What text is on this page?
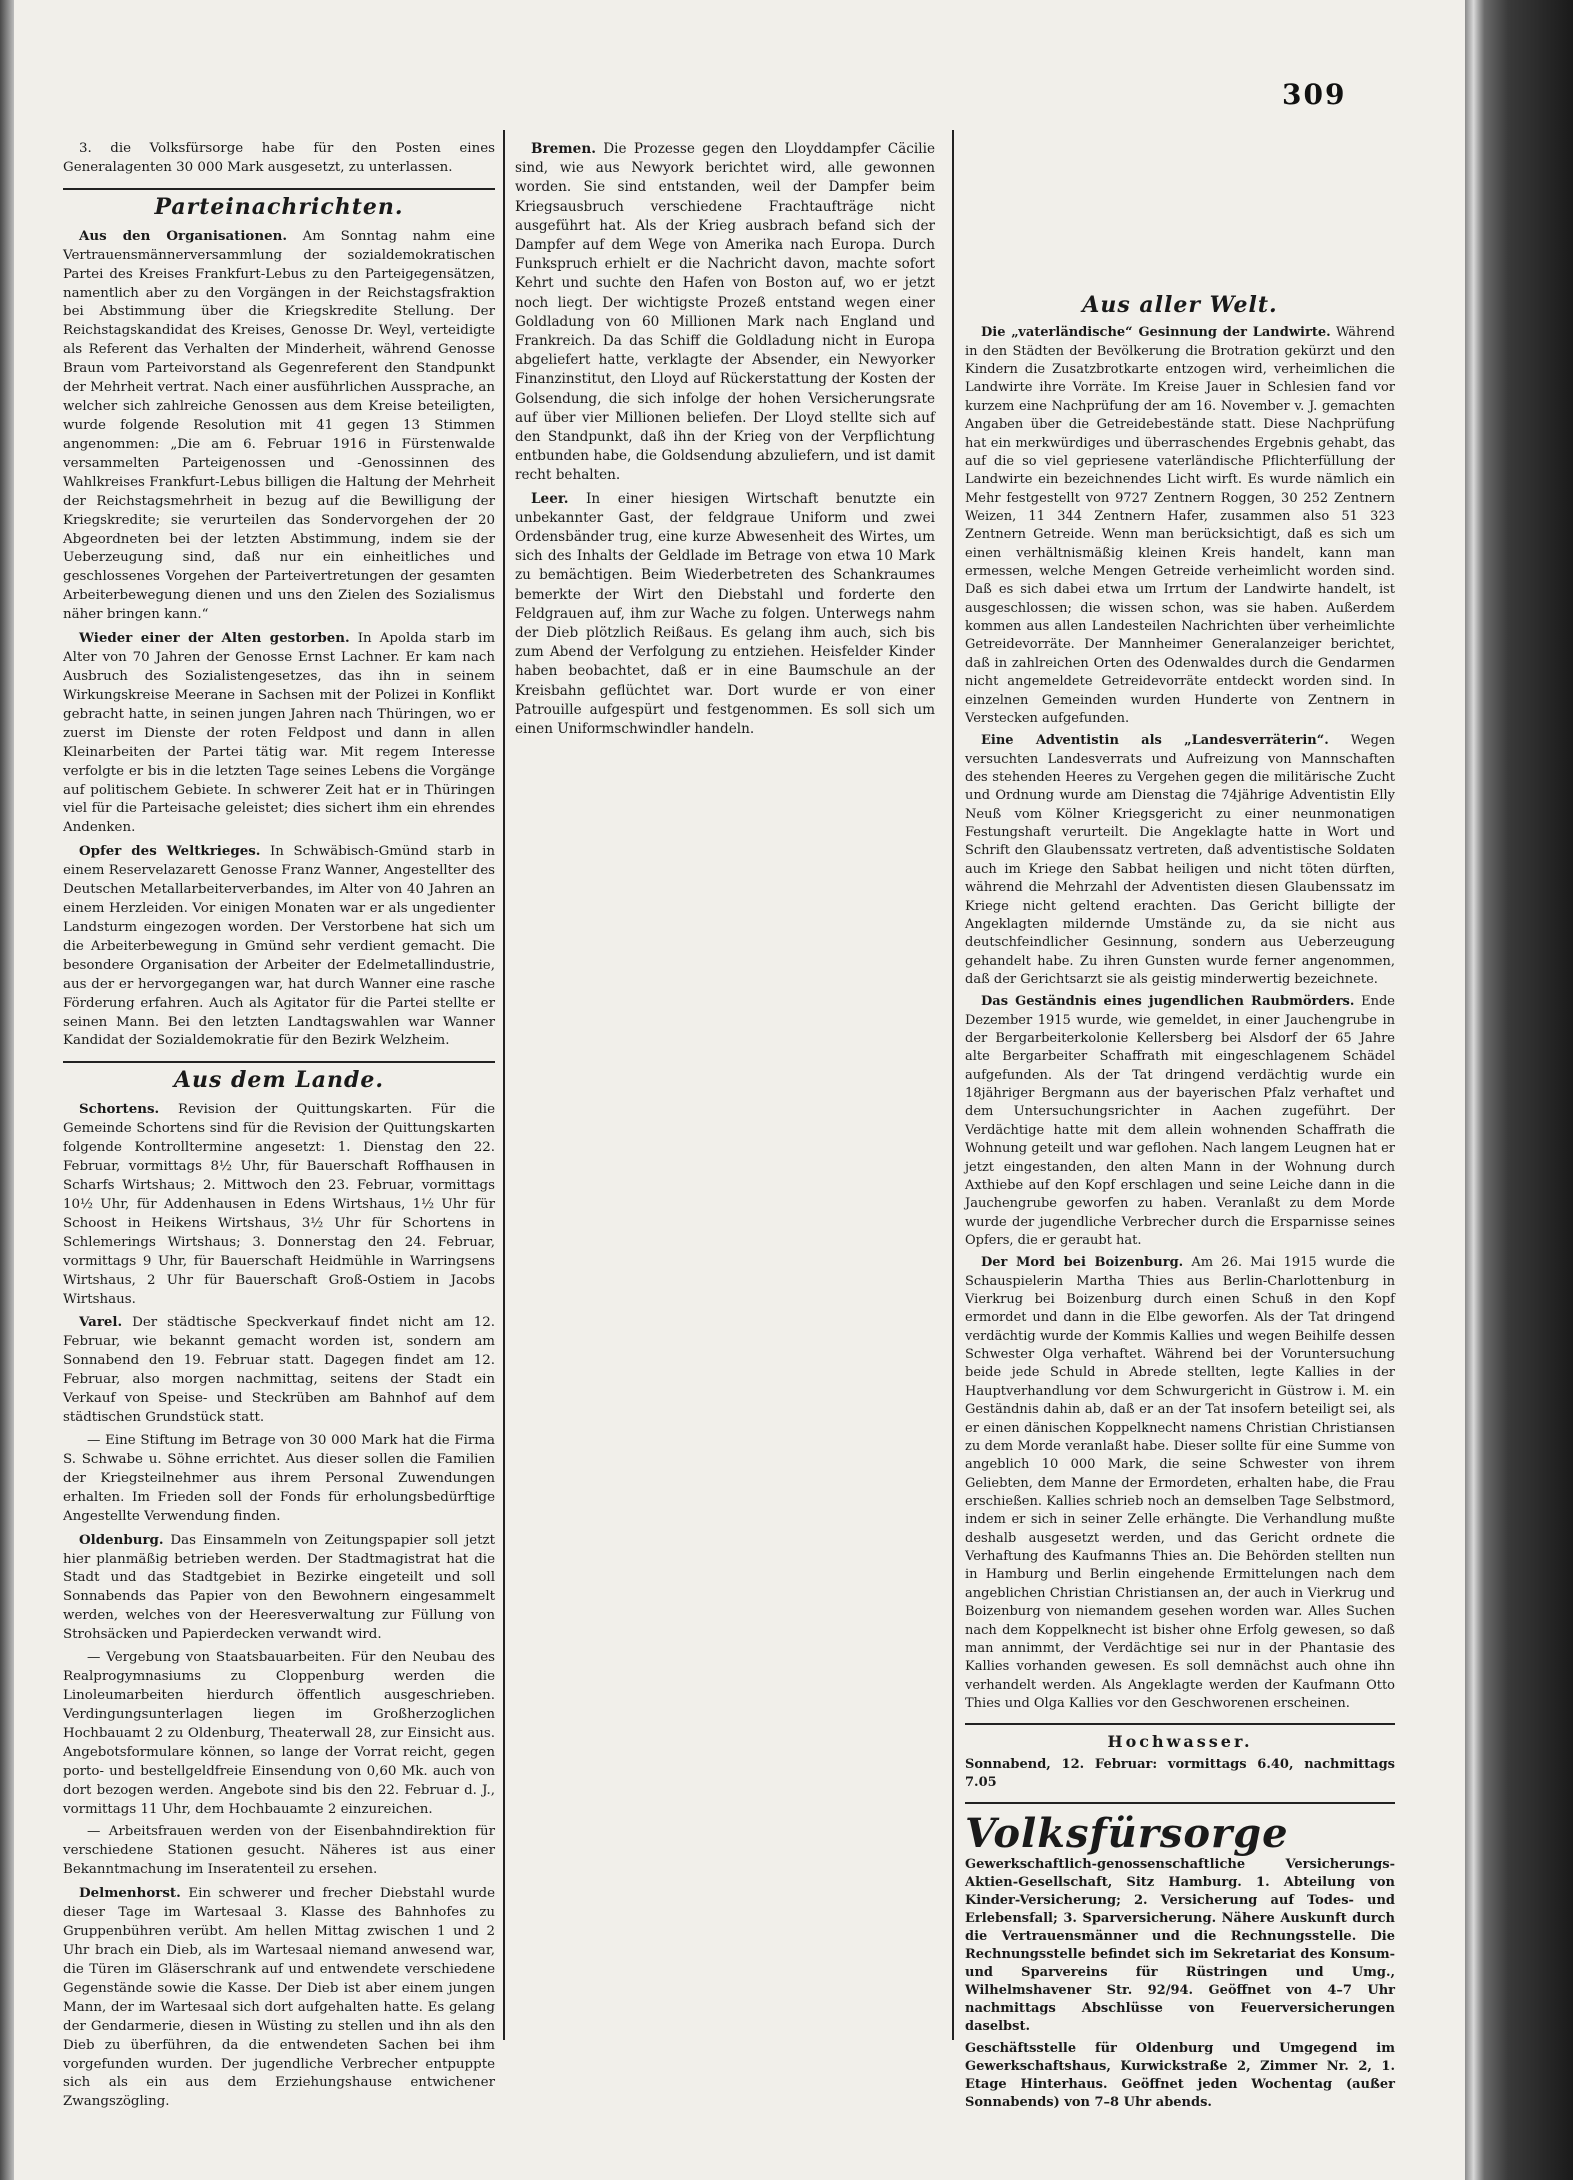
309

3. die Volksfürsorge habe für den Posten eines Generalagenten 30 000 Mark ausgesetzt, zu unterlassen.

Parteinachrichten.

Aus den Organisationen. Am Sonntag nahm eine Vertrauensmännerversammlung der sozialdemokratischen Partei des Kreises Frankfurt-Lebus zu den Parteigegensätzen, namentlich aber zu den Vorgängen in der Reichstagsfraktion bei Abstimmung über die Kriegskredite Stellung. Der Reichstagskandidat des Kreises, Genosse Dr. Weyl, verteidigte als Referent das Verhalten der Minderheit, während Genosse Braun vom Parteivorstand als Gegenreferent den Standpunkt der Mehrheit vertrat. Nach einer ausführlichen Aussprache, an welcher sich zahlreiche Genossen aus dem Kreise beteiligten, wurde folgende Resolution mit 41 gegen 13 Stimmen angenommen: „Die am 6. Februar 1916 in Fürstenwalde versammelten Parteigenossen und -Genossinnen des Wahlkreises Frankfurt-Lebus billigen die Haltung der Mehrheit der Reichstagsmehrheit in bezug auf die Bewilligung der Kriegskredite; sie verurteilen das Sondervorgehen der 20 Abgeordneten bei der letzten Abstimmung, indem sie der Ueberzeugung sind, daß nur ein einheitliches und geschlossenes Vorgehen der Parteivertretungen der gesamten Arbeiterbewegung dienen und uns den Zielen des Sozialismus näher bringen kann.“

Wieder einer der Alten gestorben. In Apolda starb im Alter von 70 Jahren der Genosse Ernst Lachner. Er kam nach Ausbruch des Sozialistengesetzes, das ihn in seinem Wirkungskreise Meerane in Sachsen mit der Polizei in Konflikt gebracht hatte, in seinen jungen Jahren nach Thüringen, wo er zuerst im Dienste der roten Feldpost und dann in allen Kleinarbeiten der Partei tätig war. Mit regem Interesse verfolgte er bis in die letzten Tage seines Lebens die Vorgänge auf politischem Gebiete. In schwerer Zeit hat er in Thüringen viel für die Parteisache geleistet; dies sichert ihm ein ehrendes Andenken.

Opfer des Weltkrieges. In Schwäbisch-Gmünd starb in einem Reservelazarett Genosse Franz Wanner, Angestellter des Deutschen Metallarbeiterverbandes, im Alter von 40 Jahren an einem Herzleiden. Vor einigen Monaten war er als ungedienter Landsturm eingezogen worden. Der Verstorbene hat sich um die Arbeiterbewegung in Gmünd sehr verdient gemacht. Die besondere Organisation der Arbeiter der Edelmetallindustrie, aus der er hervorgegangen war, hat durch Wanner eine rasche Förderung erfahren. Auch als Agitator für die Partei stellte er seinen Mann. Bei den letzten Landtagswahlen war Wanner Kandidat der Sozialdemokratie für den Bezirk Welzheim.

Aus dem Lande.

Schortens. Revision der Quittungskarten. Für die Gemeinde Schortens sind für die Revision der Quittungskarten folgende Kontrolltermine angesetzt: 1. Dienstag den 22. Februar, vormittags 8½ Uhr, für Bauerschaft Roffhausen in Scharfs Wirtshaus; 2. Mittwoch den 23. Februar, vormittags 10½ Uhr, für Addenhausen in Edens Wirtshaus, 1½ Uhr für Schoost in Heikens Wirtshaus, 3½ Uhr für Schortens in Schlemerings Wirtshaus; 3. Donnerstag den 24. Februar, vormittags 9 Uhr, für Bauerschaft Heidmühle in Warringsens Wirtshaus, 2 Uhr für Bauerschaft Groß-Ostiem in Jacobs Wirtshaus.

Varel. Der städtische Speckverkauf findet nicht am 12. Februar, wie bekannt gemacht worden ist, sondern am Sonnabend den 19. Februar statt. Dagegen findet am 12. Februar, also morgen nachmittag, seitens der Stadt ein Verkauf von Speise- und Steckrüben am Bahnhof auf dem städtischen Grundstück statt.

— Eine Stiftung im Betrage von 30 000 Mark hat die Firma S. Schwabe u. Söhne errichtet. Aus dieser sollen die Familien der Kriegsteilnehmer aus ihrem Personal Zuwendungen erhalten. Im Frieden soll der Fonds für erholungsbedürftige Angestellte Verwendung finden.

Oldenburg. Das Einsammeln von Zeitungspapier soll jetzt hier planmäßig betrieben werden. Der Stadtmagistrat hat die Stadt und das Stadtgebiet in Bezirke eingeteilt und soll Sonnabends das Papier von den Bewohnern eingesammelt werden, welches von der Heeresverwaltung zur Füllung von Strohsäcken und Papierdecken verwandt wird.

— Vergebung von Staatsbauarbeiten. Für den Neubau des Realprogymnasiums zu Cloppenburg werden die Linoleumarbeiten hierdurch öffentlich ausgeschrieben. Verdingungsunterlagen liegen im Großherzoglichen Hochbauamt 2 zu Oldenburg, Theaterwall 28, zur Einsicht aus. Angebotsformulare können, so lange der Vorrat reicht, gegen porto- und bestellgeldfreie Einsendung von 0,60 Mk. auch von dort bezogen werden. Angebote sind bis den 22. Februar d. J., vormittags 11 Uhr, dem Hochbauamte 2 einzureichen.

— Arbeitsfrauen werden von der Eisenbahndirektion für verschiedene Stationen gesucht. Näheres ist aus einer Bekanntmachung im Inseratenteil zu ersehen.

Delmenhorst. Ein schwerer und frecher Diebstahl wurde dieser Tage im Wartesaal 3. Klasse des Bahnhofes zu Gruppenbühren verübt. Am hellen Mittag zwischen 1 und 2 Uhr brach ein Dieb, als im Wartesaal niemand anwesend war, die Türen im Gläserschrank auf und entwendete verschiedene Gegenstände sowie die Kasse. Der Dieb ist aber einem jungen Mann, der im Wartesaal sich dort aufgehalten hatte. Es gelang der Gendarmerie, diesen in Wüsting zu stellen und ihn als den Dieb zu überführen, da die entwendeten Sachen bei ihm vorgefunden wurden. Der jugendliche Verbrecher entpuppte sich als ein aus dem Erziehungshause entwichener Zwangszögling.

Bremen. Die Prozesse gegen den Lloyddampfer Cäcilie sind, wie aus Newyork berichtet wird, alle gewonnen worden. Sie sind entstanden, weil der Dampfer beim Kriegsausbruch verschiedene Frachtaufträge nicht ausgeführt hat. Als der Krieg ausbrach befand sich der Dampfer auf dem Wege von Amerika nach Europa. Durch Funkspruch erhielt er die Nachricht davon, machte sofort Kehrt und suchte den Hafen von Boston auf, wo er jetzt noch liegt. Der wichtigste Prozeß entstand wegen einer Goldladung von 60 Millionen Mark nach England und Frankreich. Da das Schiff die Goldladung nicht in Europa abgeliefert hatte, verklagte der Absender, ein Newyorker Finanzinstitut, den Lloyd auf Rückerstattung der Kosten der Golsendung, die sich infolge der hohen Versicherungsrate auf über vier Millionen beliefen. Der Lloyd stellte sich auf den Standpunkt, daß ihn der Krieg von der Verpflichtung entbunden habe, die Goldsendung abzuliefern, und ist damit recht behalten.

Leer. In einer hiesigen Wirtschaft benutzte ein unbekannter Gast, der feldgraue Uniform und zwei Ordensbänder trug, eine kurze Abwesenheit des Wirtes, um sich des Inhalts der Geldlade im Betrage von etwa 10 Mark zu bemächtigen. Beim Wiederbetreten des Schankraumes bemerkte der Wirt den Diebstahl und forderte den Feldgrauen auf, ihm zur Wache zu folgen. Unterwegs nahm der Dieb plötzlich Reißaus. Es gelang ihm auch, sich bis zum Abend der Verfolgung zu entziehen. Heisfelder Kinder haben beobachtet, daß er in eine Baumschule an der Kreisbahn geflüchtet war. Dort wurde er von einer Patrouille aufgespürt und festgenommen. Es soll sich um einen Uniformschwindler handeln.

Aus aller Welt.

Die „vaterländische“ Gesinnung der Landwirte. Während in den Städten der Bevölkerung die Brotration gekürzt und den Kindern die Zusatzbrotkarte entzogen wird, verheimlichen die Landwirte ihre Vorräte. Im Kreise Jauer in Schlesien fand vor kurzem eine Nachprüfung der am 16. November v. J. gemachten Angaben über die Getreidebestände statt. Diese Nachprüfung hat ein merkwürdiges und überraschendes Ergebnis gehabt, das auf die so viel gepriesene vaterländische Pflichterfüllung der Landwirte ein bezeichnendes Licht wirft. Es wurde nämlich ein Mehr festgestellt von 9727 Zentnern Roggen, 30 252 Zentnern Weizen, 11 344 Zentnern Hafer, zusammen also 51 323 Zentnern Getreide. Wenn man berücksichtigt, daß es sich um einen verhältnismäßig kleinen Kreis handelt, kann man ermessen, welche Mengen Getreide verheimlicht worden sind. Daß es sich dabei etwa um Irrtum der Landwirte handelt, ist ausgeschlossen; die wissen schon, was sie haben. Außerdem kommen aus allen Landesteilen Nachrichten über verheimlichte Getreidevorräte. Der Mannheimer Generalanzeiger berichtet, daß in zahlreichen Orten des Odenwaldes durch die Gendarmen nicht angemeldete Getreidevorräte entdeckt worden sind. In einzelnen Gemeinden wurden Hunderte von Zentnern in Verstecken aufgefunden.

Eine Adventistin als „Landesverräterin“. Wegen versuchten Landesverrats und Aufreizung von Mannschaften des stehenden Heeres zu Vergehen gegen die militärische Zucht und Ordnung wurde am Dienstag die 74jährige Adventistin Elly Neuß vom Kölner Kriegsgericht zu einer neunmonatigen Festungshaft verurteilt. Die Angeklagte hatte in Wort und Schrift den Glaubenssatz vertreten, daß adventistische Soldaten auch im Kriege den Sabbat heiligen und nicht töten dürften, während die Mehrzahl der Adventisten diesen Glaubenssatz im Kriege nicht geltend erachten. Das Gericht billigte der Angeklagten mildernde Umstände zu, da sie nicht aus deutschfeindlicher Gesinnung, sondern aus Ueberzeugung gehandelt habe. Zu ihren Gunsten wurde ferner angenommen, daß der Gerichtsarzt sie als geistig minderwertig bezeichnete.

Das Geständnis eines jugendlichen Raubmörders. Ende Dezember 1915 wurde, wie gemeldet, in einer Jauchengrube in der Bergarbeiterkolonie Kellersberg bei Alsdorf der 65 Jahre alte Bergarbeiter Schaffrath mit eingeschlagenem Schädel aufgefunden. Als der Tat dringend verdächtig wurde ein 18jähriger Bergmann aus der bayerischen Pfalz verhaftet und dem Untersuchungsrichter in Aachen zugeführt. Der Verdächtige hatte mit dem allein wohnenden Schaffrath die Wohnung geteilt und war geflohen. Nach langem Leugnen hat er jetzt eingestanden, den alten Mann in der Wohnung durch Axthiebe auf den Kopf erschlagen und seine Leiche dann in die Jauchengrube geworfen zu haben. Veranlaßt zu dem Morde wurde der jugendliche Verbrecher durch die Ersparnisse seines Opfers, die er geraubt hat.

Der Mord bei Boizenburg. Am 26. Mai 1915 wurde die Schauspielerin Martha Thies aus Berlin-Charlottenburg in Vierkrug bei Boizenburg durch einen Schuß in den Kopf ermordet und dann in die Elbe geworfen. Als der Tat dringend verdächtig wurde der Kommis Kallies und wegen Beihilfe dessen Schwester Olga verhaftet. Während bei der Voruntersuchung beide jede Schuld in Abrede stellten, legte Kallies in der Hauptverhandlung vor dem Schwurgericht in Güstrow i. M. ein Geständnis dahin ab, daß er an der Tat insofern beteiligt sei, als er einen dänischen Koppelknecht namens Christian Christiansen zu dem Morde veranlaßt habe. Dieser sollte für eine Summe von angeblich 10 000 Mark, die seine Schwester von ihrem Geliebten, dem Manne der Ermordeten, erhalten habe, die Frau erschießen. Kallies schrieb noch an demselben Tage Selbstmord, indem er sich in seiner Zelle erhängte. Die Verhandlung mußte deshalb ausgesetzt werden, und das Gericht ordnete die Verhaftung des Kaufmanns Thies an. Die Behörden stellten nun in Hamburg und Berlin eingehende Ermittelungen nach dem angeblichen Christian Christiansen an, der auch in Vierkrug und Boizenburg von niemandem gesehen worden war. Alles Suchen nach dem Koppelknecht ist bisher ohne Erfolg gewesen, so daß man annimmt, der Verdächtige sei nur in der Phantasie des Kallies vorhanden gewesen. Es soll demnächst auch ohne ihn verhandelt werden. Als Angeklagte werden der Kaufmann Otto Thies und Olga Kallies vor den Geschworenen erscheinen.

Hochwasser.

Sonnabend, 12. Februar: vormittags 6.40, nachmittags 7.05

Volksfürsorge
Gewerkschaftlich-genossenschaftliche Versicherungs-Aktien-Gesellschaft, Sitz Hamburg. 1. Abteilung von Kinder-Versicherung; 2. Versicherung auf Todes- und Erlebensfall; 3. Sparversicherung. Nähere Auskunft durch die Vertrauensmänner und die Rechnungsstelle. Die Rechnungsstelle befindet sich im Sekretariat des Konsum- und Sparvereins für Rüstringen und Umg., Wilhelmshavener Str. 92/94. Geöffnet von 4–7 Uhr nachmittags Abschlüsse von Feuerversicherungen daselbst.
Geschäftsstelle für Oldenburg und Umgegend im Gewerkschaftshaus, Kurwickstraße 2, Zimmer Nr. 2, 1. Etage Hinterhaus. Geöffnet jeden Wochentag (außer Sonnabends) von 7–8 Uhr abends.
